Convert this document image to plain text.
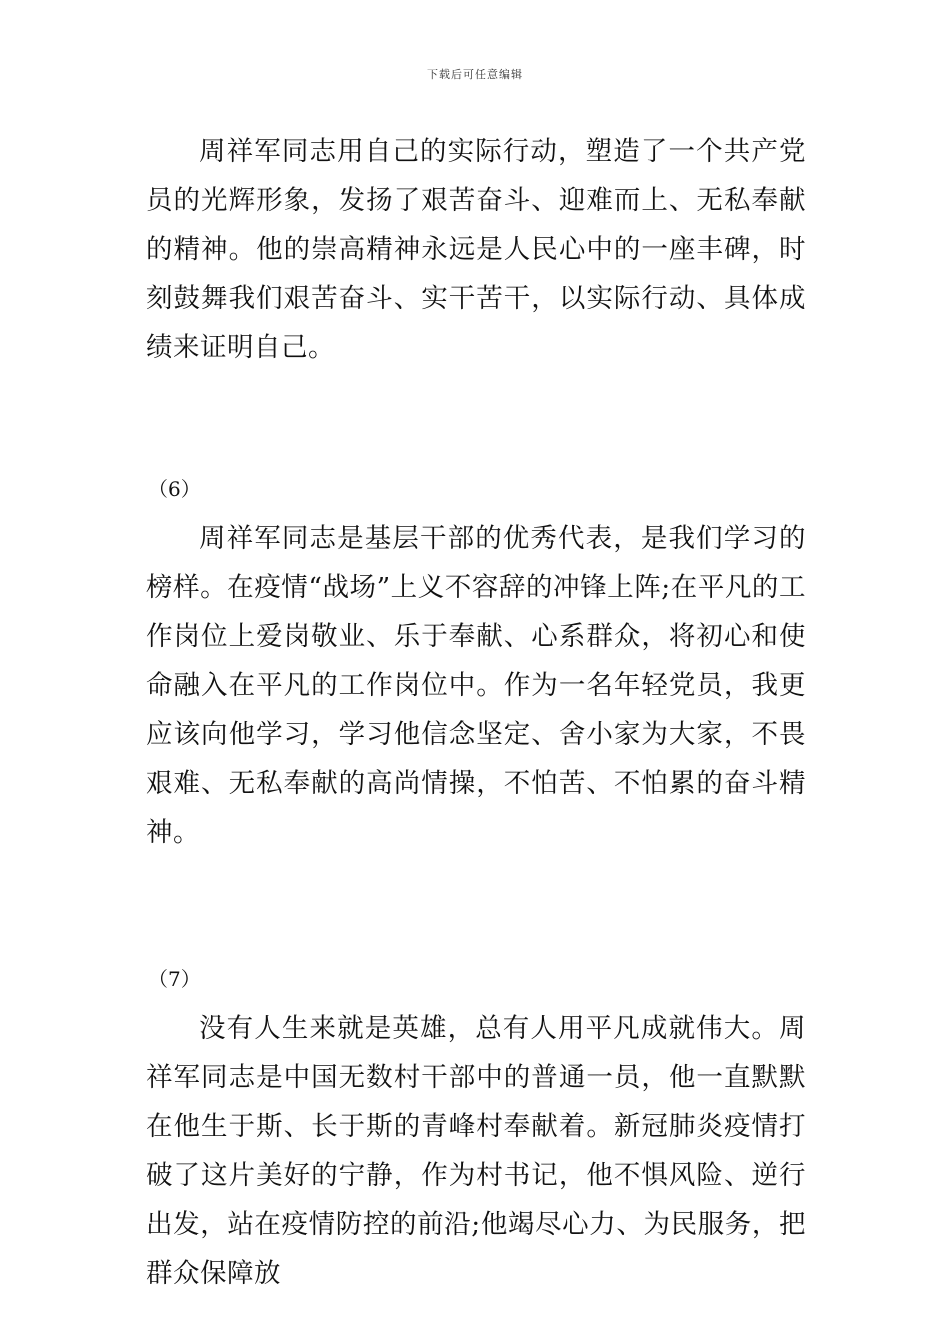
下载后可任意编辑

周祥军同志用自己的实际行动，塑造了一个共产党员的光辉形象，发扬了艰苦奋斗、迎难而上、无私奉献的精神。他的崇高精神永远是人民心中的一座丰碑，时刻鼓舞我们艰苦奋斗、实干苦干，以实际行动、具体成绩来证明自己。

（6）

周祥军同志是基层干部的优秀代表，是我们学习的榜样。在疫情“战场”上义不容辞的冲锋上阵;在平凡的工作岗位上爱岗敬业、乐于奉献、心系群众，将初心和使命融入在平凡的工作岗位中。作为一名年轻党员，我更应该向他学习，学习他信念坚定、舍小家为大家，不畏艰难、无私奉献的高尚情操，不怕苦、不怕累的奋斗精神。

（7）

没有人生来就是英雄，总有人用平凡成就伟大。周祥军同志是中国无数村干部中的普通一员，他一直默默在他生于斯、长于斯的青峰村奉献着。新冠肺炎疫情打破了这片美好的宁静，作为村书记，他不惧风险、逆行出发，站在疫情防控的前沿;他竭尽心力、为民服务，把群众保障放
